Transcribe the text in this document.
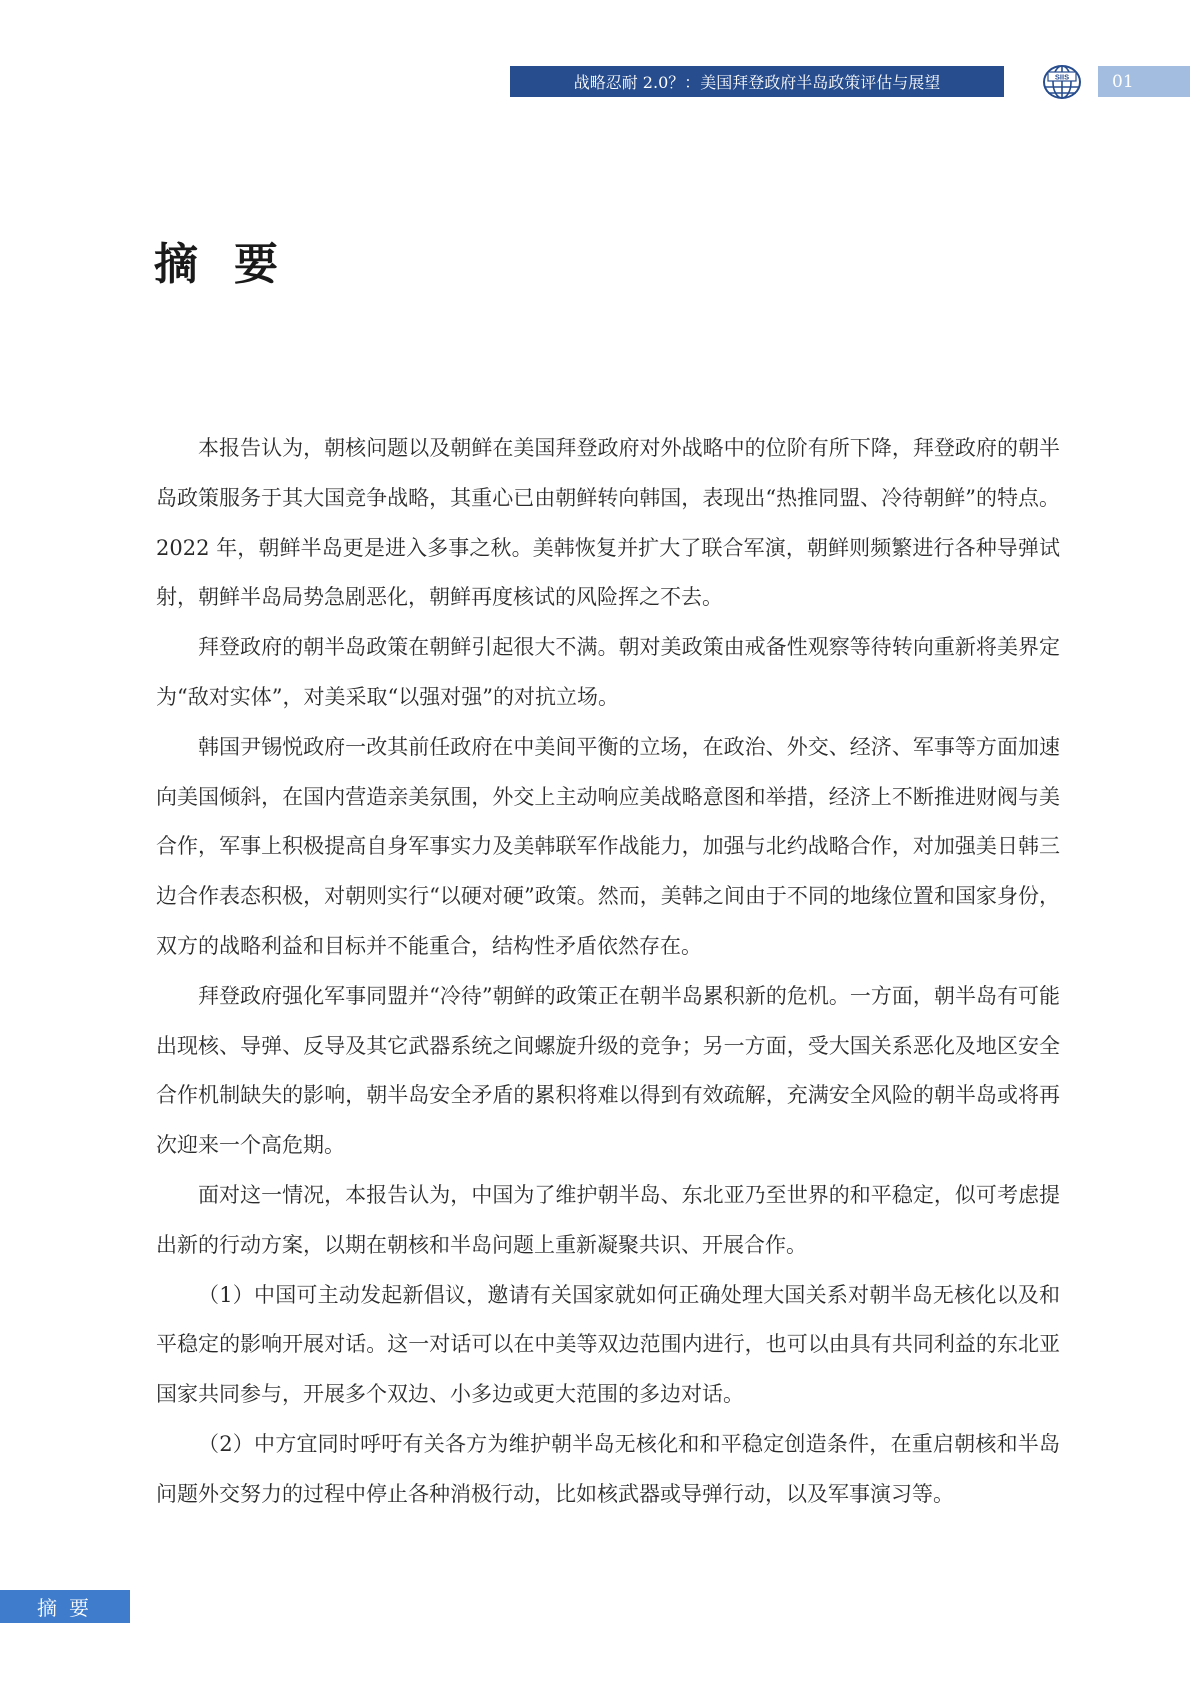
战略忍耐 2.0？：美国拜登政府半岛政策评估与展望	SIIS	01
摘要

本报告认为，朝核问题以及朝鲜在美国拜登政府对外战略中的位阶有所下降，拜登政府的朝半岛政策服务于其大国竞争战略，其重心已由朝鲜转向韩国，表现出“热推同盟、冷待朝鲜”的特点。2022 年，朝鲜半岛更是进入多事之秋。美韩恢复并扩大了联合军演，朝鲜则频繁进行各种导弹试射，朝鲜半岛局势急剧恶化，朝鲜再度核试的风险挥之不去。

拜登政府的朝半岛政策在朝鲜引起很大不满。朝对美政策由戒备性观察等待转向重新将美界定为“敌对实体”，对美采取“以强对强”的对抗立场。

韩国尹锡悦政府一改其前任政府在中美间平衡的立场，在政治、外交、经济、军事等方面加速向美国倾斜，在国内营造亲美氛围，外交上主动响应美战略意图和举措，经济上不断推进财阀与美合作，军事上积极提高自身军事实力及美韩联军作战能力，加强与北约战略合作，对加强美日韩三边合作表态积极，对朝则实行“以硬对硬”政策。然而，美韩之间由于不同的地缘位置和国家身份，双方的战略利益和目标并不能重合，结构性矛盾依然存在。

拜登政府强化军事同盟并“冷待”朝鲜的政策正在朝半岛累积新的危机。一方面，朝半岛有可能出现核、导弹、反导及其它武器系统之间螺旋升级的竞争；另一方面，受大国关系恶化及地区安全合作机制缺失的影响，朝半岛安全矛盾的累积将难以得到有效疏解，充满安全风险的朝半岛或将再次迎来一个高危期。

面对这一情况，本报告认为，中国为了维护朝半岛、东北亚乃至世界的和平稳定，似可考虑提出新的行动方案，以期在朝核和半岛问题上重新凝聚共识、开展合作。

（1）中国可主动发起新倡议，邀请有关国家就如何正确处理大国关系对朝半岛无核化以及和平稳定的影响开展对话。这一对话可以在中美等双边范围内进行，也可以由具有共同利益的东北亚国家共同参与，开展多个双边、小多边或更大范围的多边对话。

（2）中方宜同时呼吁有关各方为维护朝半岛无核化和和平稳定创造条件，在重启朝核和半岛问题外交努力的过程中停止各种消极行动，比如核武器或导弹行动，以及军事演习等。

摘要
